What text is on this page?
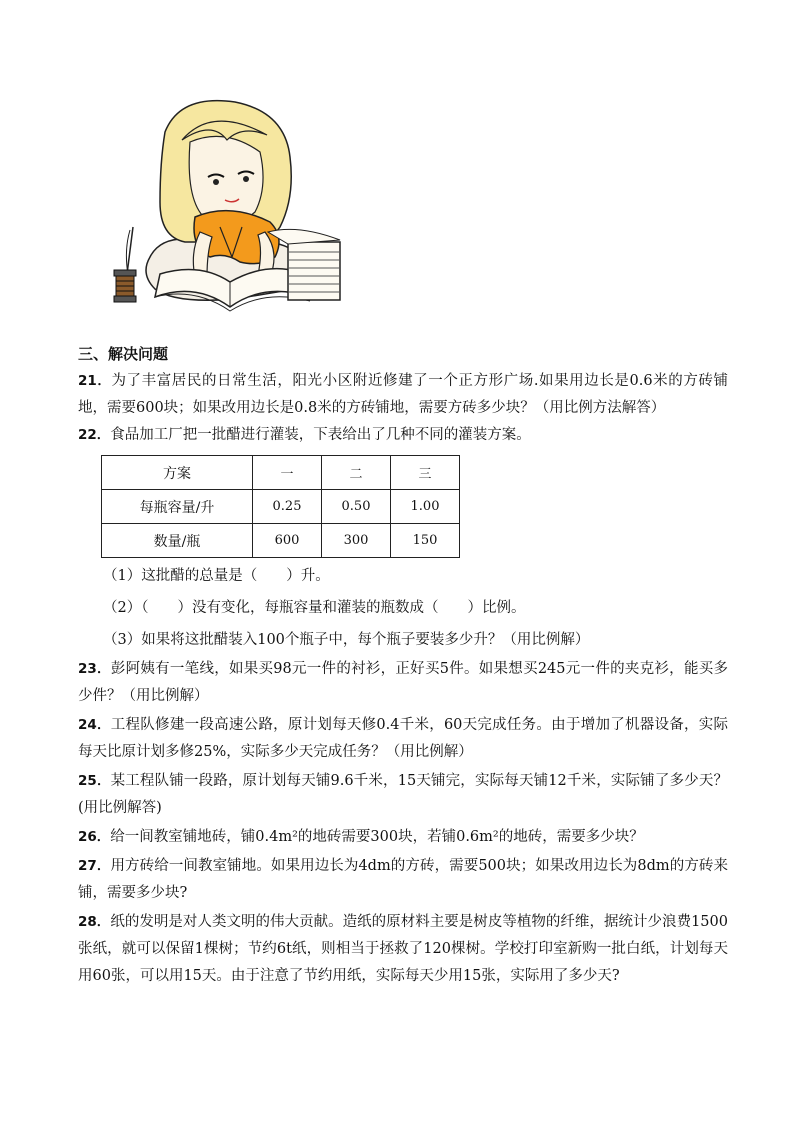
三、解决问题

21．为了丰富居民的日常生活，阳光小区附近修建了一个正方形广场.如果用边长是0.6米的方砖铺地，需要600块；如果改用边长是0.8米的方砖铺地，需要方砖多少块？（用比例方法解答）

22．食品加工厂把一批醋进行灌装，下表给出了几种不同的灌装方案。

方案	一	二	三
每瓶容量/升	0.25	0.50	1.00
数量/瓶	600	300	150

（1）这批醋的总量是（　　）升。

（2）（　　）没有变化，每瓶容量和灌装的瓶数成（　　）比例。

（3）如果将这批醋装入100个瓶子中，每个瓶子要装多少升？（用比例解）

23．彭阿姨有一笔线，如果买98元一件的衬衫，正好买5件。如果想买245元一件的夹克衫，能买多少件？（用比例解）

24．工程队修建一段高速公路，原计划每天修0.4千米，60天完成任务。由于增加了机器设备，实际每天比原计划多修25%，实际多少天完成任务？（用比例解）

25．某工程队铺一段路，原计划每天铺9.6千米，15天铺完，实际每天铺12千米，实际铺了多少天？(用比例解答)

26．给一间教室铺地砖，铺0.4m²的地砖需要300块，若铺0.6m²的地砖，需要多少块？

27．用方砖给一间教室铺地。如果用边长为4dm的方砖，需要500块；如果改用边长为8dm的方砖来铺，需要多少块?

28．纸的发明是对人类文明的伟大贡献。造纸的原材料主要是树皮等植物的纤维，据统计少浪费1500张纸，就可以保留1棵树；节约6t纸，则相当于拯救了120棵树。学校打印室新购一批白纸，计划每天用60张，可以用15天。由于注意了节约用纸，实际每天少用15张，实际用了多少天?
